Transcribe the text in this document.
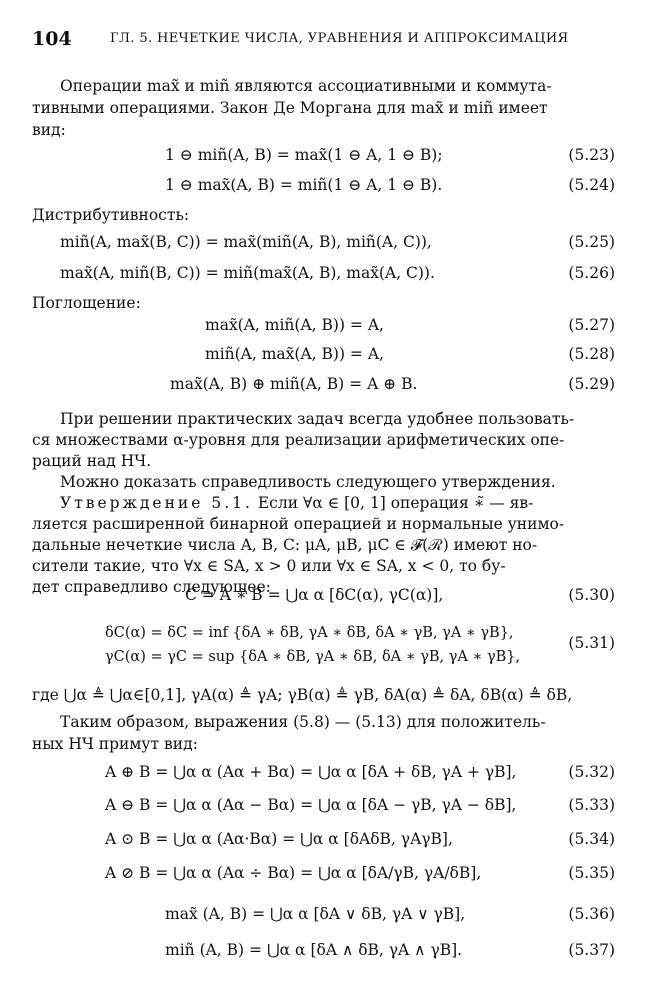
104	ГЛ. 5. НЕЧЕТКИЕ ЧИСЛА, УРАВНЕНИЯ И АППРОКСИМАЦИЯ
Операции max̃ и miñ являются ассоциативными и коммута-
тивными операциями. Закон Де Моргана для max̃ и miñ имеет
вид:
1 ⊖ miñ(A, B) = max̃(1 ⊖ A, 1 ⊖ B);	(5.23)
1 ⊖ max̃(A, B) = miñ(1 ⊖ A, 1 ⊖ B).	(5.24)
Дистрибутивность:
miñ(A, max̃(B, C)) = max̃(miñ(A, B), miñ(A, C)),	(5.25)
max̃(A, miñ(B, C)) = miñ(max̃(A, B), max̃(A, C)).	(5.26)
Поглощение:
max̃(A, miñ(A, B)) = A,	(5.27)
miñ(A, max̃(A, B)) = A,	(5.28)
max̃(A, B) ⊕ miñ(A, B) = A ⊕ B.	(5.29)
При решении практических задач всегда удобнее пользовать-
ся множествами α-уровня для реализации арифметических опе-
раций над НЧ.
Можно доказать справедливость следующего утверждения.
Утверждение 5.1. Если ∀α ∈ [0, 1] операция ∗̃ — яв-
ляется расширенной бинарной операцией и нормальные унимо-
дальные нечеткие числа A, B, C: μA, μB, μC ∈ 𝓕(ℛ) имеют но-
сители такие, что ∀x ∈ SA, x > 0 или ∀x ∈ SA, x < 0, то бу-
дет справедливо следующее:
C = A ∗̃ B = ⋃α α [δC(α), γC(α)],	(5.30)
δC(α) = δC = inf {δA ∗ δB, γA ∗ δB, δA ∗ γB, γA ∗ γB},
γC(α) = γC = sup {δA ∗ δB, γA ∗ δB, δA ∗ γB, γA ∗ γB},
(5.31)
где ⋃α ≜ ⋃α∈[0,1], γA(α) ≜ γA; γB(α) ≜ γB, δA(α) ≜ δA, δB(α) ≜ δB,
Таким образом, выражения (5.8) — (5.13) для положитель-
ных НЧ примут вид:
A ⊕ B = ⋃α α (Aα + Bα) = ⋃α α [δA + δB, γA + γB],	(5.32)
A ⊖ B = ⋃α α (Aα − Bα) = ⋃α α [δA − γB, γA − δB],	(5.33)
A ⊙ B = ⋃α α (Aα·Bα) = ⋃α α [δAδB, γAγB],	(5.34)
A ⊘ B = ⋃α α (Aα ÷ Bα) = ⋃α α [δA/γB, γA/δB],	(5.35)
max̃ (A, B) = ⋃α α [δA ∨ δB, γA ∨ γB],	(5.36)
miñ (A, B) = ⋃α α [δA ∧ δB, γA ∧ γB].	(5.37)
